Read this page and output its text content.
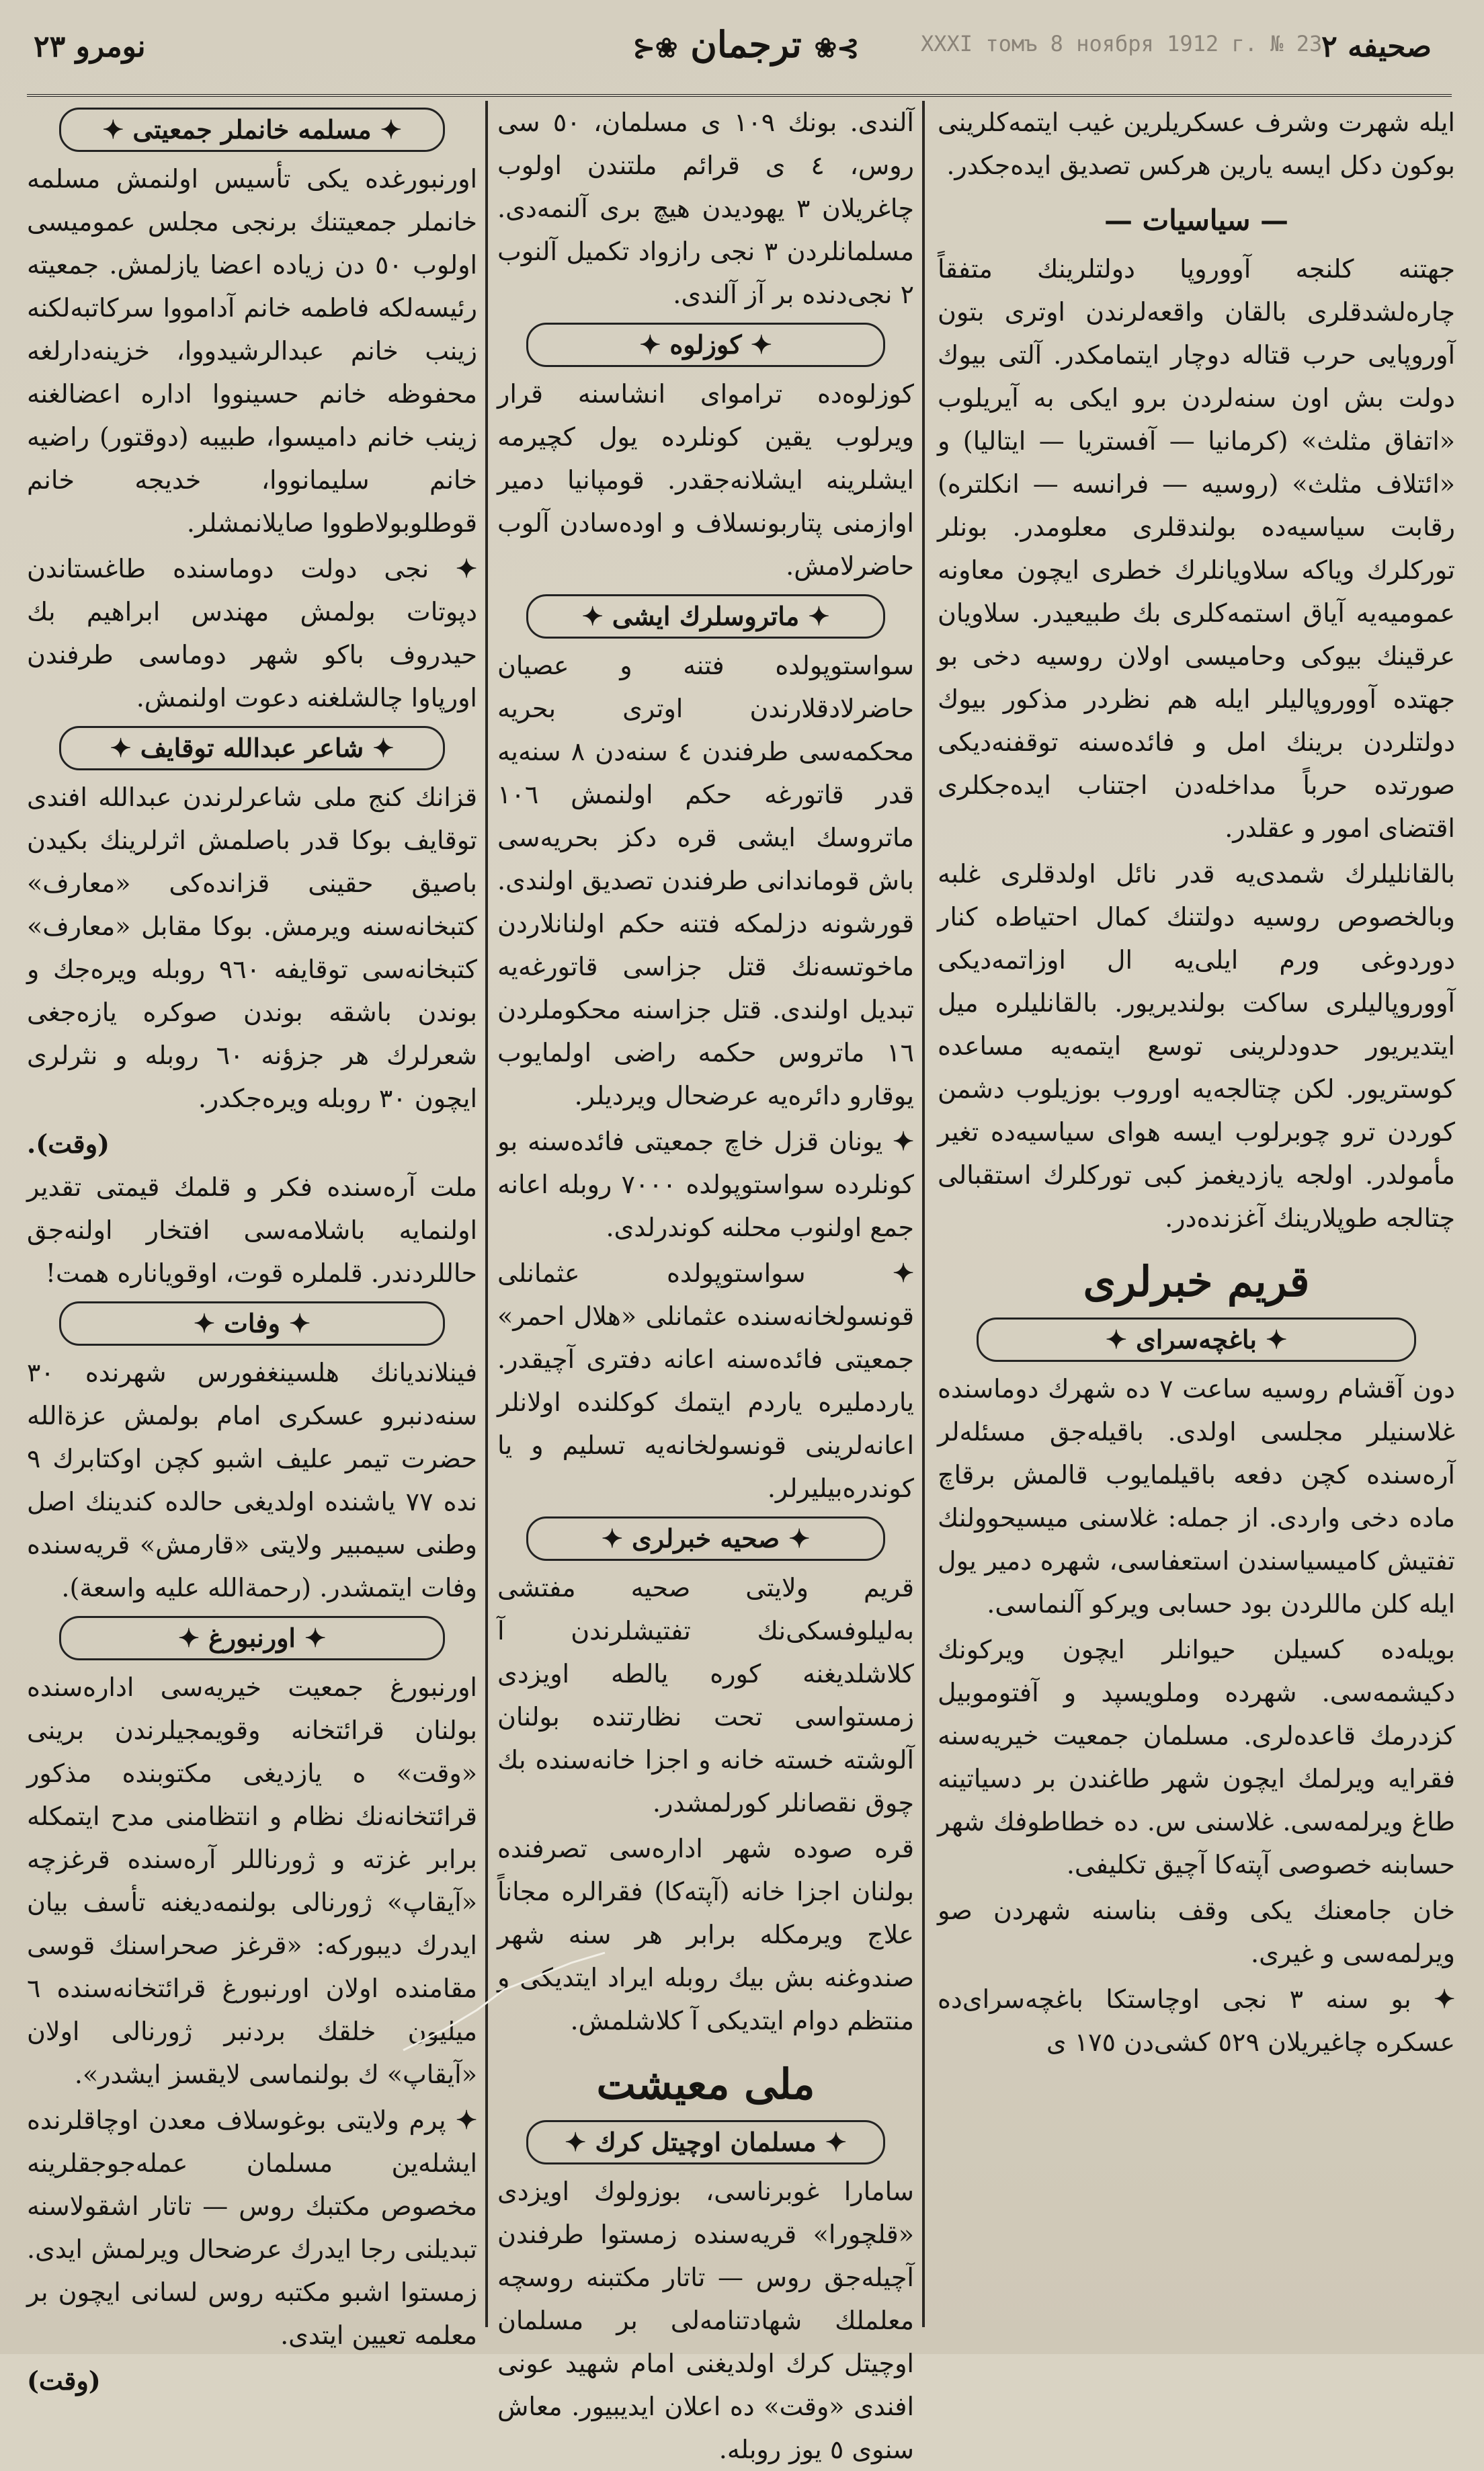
نومرو ٢٣	⊱❀ ترجمان ❀⊰	XXXI томъ 8 ноября 1912 г. № 23
صحيفه ٢

ايله شهرت وشرف عسكريلرين غيب ايتمه‌كلرينى بوكون دكل ايسه يارين هركس تصديق ايده‌جكدر.

— سياسيات —

جهتنه كلنجه آووروپا دولتلرينك متفقاً چاره‌لشدقلرى بالقان واقعه‌لرندن اوترى بتون آوروپايى حرب قتاله دوچار ايتمامكدر. آلتى بيوك دولت بش اون سنه‌لردن برو ايكى به آيريلوب «اتفاق مثلث» (كرمانيا — آفستريا — ايتاليا) و «ائتلاف مثلث» (روسيه — فرانسه — انكلتره) رقابت سياسيه‌ده بولندقلرى معلومدر. بونلر توركلرك وياكه سلاويانلرك خطرى ايچون معاونه عموميه‌يه آياق استمه‌كلرى بك طبيعيدر. سلاويان عرقينك بيوكى وحاميسى اولان روسيه دخى بو جهتده آووروپاليلر ايله هم نظردر مذكور بيوك دولتلردن برينك امل و فائده‌سنه توقفنه‌ديكى صورتده حرباً مداخله‌دن اجتناب ايده‌جكلرى اقتضاى امور و عقلدر.

بالقانليلرك شمدى‌يه قدر نائل اولدقلرى غلبه وبالخصوص روسيه دولتنك كمال احتياط‌ه كنار دوردوغى ورم ايلى‌يه ال اوزاتمه‌ديكى آووروپاليلرى ساكت بولنديريور. بالقانليلره ميل ايتديريور حدودلرينى توسع ايتمه‌يه مساعده كوستريور. لكن چتالجه‌يه اوروب بوزيلوب دشمن كوردن ترو چوبرلوب ايسه هواى سياسيه‌ده تغير مأمولدر. اولجه يازديغمز كبى توركلرك استقبالى چتالجه طوپلارينك آغزنده‌در.

قريم خبرلرى
✦ باغچه‌سراى ✦

دون آقشام روسيه ساعت ٧ ده شهرك دوماسنده غلاسنيلر مجلسى اولدى. باقيله‌جق مسئله‌لر آره‌سنده كچن دفعه باقيلمايوب قالمش برقاچ ماده دخى واردى. از جمله: غلاسنى ميسيحوولنك تفتيش كاميسياسندن استعفاسى، شهره دمير يول ايله كلن ماللردن بود حسابى ويركو آلنماسى.

بويله‌ده كسيلن حيوانلر ايچون ويركونك دكيشمه‌سى. شهرده وملويسپد و آفتوموبيل كزدرمك قاعده‌لرى. مسلمان جمعيت خيريه‌سنه فقرايه ويرلمك ايچون شهر طاغندن بر دسياتينه طاغ ويرلمه‌سى. غلاسنى س. ده خطاطوفك شهر حسابنه خصوصى آپته‌كا آچيق تكليفى.

خان جامعنك يكى وقف بناسنه شهردن صو ويرلمه‌سى و غيرى.

✦ بو سنه ٣ نجى اوچاستكا باغچه‌سراى‌ده عسكره چاغيريلان ٥٢٩ كشى‌دن ١٧٥ ى

آلندى. بونك ١٠٩ ى مسلمان، ٥٠ سى روس، ٤ ى قرائم ملتندن اولوب چاغريلان ٣ يهوديدن هيچ برى آلنمه‌دى. مسلمانلردن ٣ نجى رازواد تكميل آلنوب ٢ نجى‌دنده بر آز آلندى.

✦ كوزلوه ✦

كوزلوه‌ده ترامواى انشاسنه قرار ويرلوب يقين كونلرده يول كچيرمه ايشلرينه ايشلانه‌جقدر. قومپانيا دمير اوازمنى پتاربونسلاف و اوده‌سادن آلوب حاضرلامش.

✦ ماتروسلرك ايشى ✦

سواستوپولده فتنه و عصيان حاضرلادقلارندن اوترى بحريه محكمه‌سى طرفندن ٤ سنه‌دن ٨ سنه‌يه قدر قاتورغه حكم اولنمش ١٠٦ ماتروسك ايشى قره دكز بحريه‌سى باش قوماندانى طرفندن تصديق اولندى. قورشونه دزلمكه فتنه حكم اولنانلاردن ماخوتسه‌نك قتل جزاسى قاتورغه‌يه تبديل اولندى. قتل جزاسنه محكوملردن ١٦ ماتروس حكمه راضى اولمايوب يوقارو دائره‌يه عرضحال ويرديلر.

✦ يونان قزل خاچ جمعيتى فائده‌سنه بو كونلرده سواستوپولده ٧٠٠٠ روبله اعانه جمع اولنوب محلنه كوندرلدى.

✦ سواستوپولده عثمانلى قونسولخانه‌سنده عثمانلى «هلال احمر» جمعيتى فائده‌سنه اعانه دفترى آچيقدر. ياردمليره ياردم ايتمك كوكلنده اولانلر اعانه‌لرينى قونسولخانه‌يه تسليم و يا كوندره‌بيليرلر.

✦ صحيه خبرلرى ✦

قريم ولايتى صحيه مفتشى به‌ليلوفسكى‌نك تفتيشلرندن آ كلاشلديغنه كوره يالطه اويزدى زمستواسى تحت نظارتنده بولنان آلوشته خسته خانه و اجزا خانه‌سنده بك چوق نقصانلر كورلمشدر.

قره صوده شهر اداره‌سى تصرفنده بولنان اجزا خانه (آپته‌كا) فقرالره مجاناً علاج ويرمكله برابر هر سنه شهر صندوغنه بش بيك روبله ايراد ايتديكى و منتظم دوام ايتديكى آ كلاشلمش.

ملى معيشت
✦ مسلمان اوچيتل كرك ✦

سامارا غوبرناسى، بوزولوك اويزدى «قلچورا» قريه‌سنده زمستوا طرفندن آچيله‌جق روس — تاتار مكتبنه روسچه معلملك شهادتنامه‌لى بر مسلمان اوچيتل كرك اولديغنى امام شهيد عونى افندى «وقت» ده اعلان ايديبيور. معاش سنوى ٥ يوز روبله.

✦ مسلمه خانملر جمعيتى ✦

اورنبورغده يكى تأسيس اولنمش مسلمه خانملر جمعيتنك برنجى مجلس عموميسى اولوب ٥٠ دن زياده اعضا يازلمش. جمعيته رئيسه‌لكه فاطمه خانم آدامووا سركاتبه‌لكنه زينب خانم عبدالرشيدووا، خزينه‌دارلغه محفوظه خانم حسينووا اداره اعضالغنه زينب خانم داميسوا، طبيبه (دوقتور) راضيه خانم سليمانووا، خديجه خانم قوطلوبولاطووا صايلانمشلر.

✦ نجى دولت دوماسنده طاغستاندن دپوتات بولمش مهندس ابراهيم بك حيدروف باكو شهر دوماسى طرفندن اورپاوا چالشلغنه دعوت اولنمش.

✦ شاعر عبدالله توقايف ✦

قزانك كنج ملى شاعرلرندن عبدالله افندى توقايف بوكا قدر باصلمش اثرلرينك بكيدن باصيق حقينى قزانده‌كى «معارف» كتبخانه‌سنه ويرمش. بوكا مقابل «معارف» كتبخانه‌سى توقايفه ٩٦٠ روبله ويره‌جك و بوندن باشقه بوندن صوكره يازه‌جغى شعرلرك هر جزؤنه ٦٠ روبله و نثرلرى ايچون ٣٠ روبله ويره‌جكدر.

(وقت).

ملت آره‌سنده فكر و قلمك قيمتى تقدير اولنمايه باشلامه‌سى افتخار اولنه‌جق حاللردندر. قلملره قوت، اوقوياناره همت!

✦ وفات ✦

فينلانديانك هلسينغفورس شهرنده ٣٠ سنه‌دنبرو عسكرى امام بولمش عزةالله حضرت تيمر عليف اشبو كچن اوكتابرك ٩ نده ٧٧ ياشنده اولديغى حالده كندينك اصل وطنى سيمبير ولايتى «قارمش» قريه‌سنده وفات ايتمشدر. (رحمةالله عليه واسعة).

✦ اورنبورغ ✦

اورنبورغ جمعيت خيريه‌سى اداره‌سنده بولنان قرائتخانه وقويمجيلرندن برينى «وقت» ه يازديغى مكتوبنده مذكور قرائتخانه‌نك نظام و انتظامنى مدح ايتمكله برابر غزته و ژورناللر آره‌سنده قرغزچه «آيقاپ» ژورنالى بولنمه‌ديغنه تأسف بيان ايدرك ديبوركه: «قرغز صحراسنك قوسى مقامنده اولان اورنبورغ قرائتخانه‌سنده ٦ ميليون خلقك بردنبر ژورنالى اولان «آيقاپ» ك بولنماسى لايقسز ايشدر».

✦ پرم ولايتى بوغوسلاف معدن اوچاقلرنده ايشله‌ين مسلمان عمله‌جوجقلرينه مخصوص مكتبك روس — تاتار اشقولاسنه تبديلنى رجا ايدرك عرضحال ويرلمش ايدى. زمستوا اشبو مكتبه روس لسانى ايچون بر معلمه تعيين ايتدى.

(وقت)
